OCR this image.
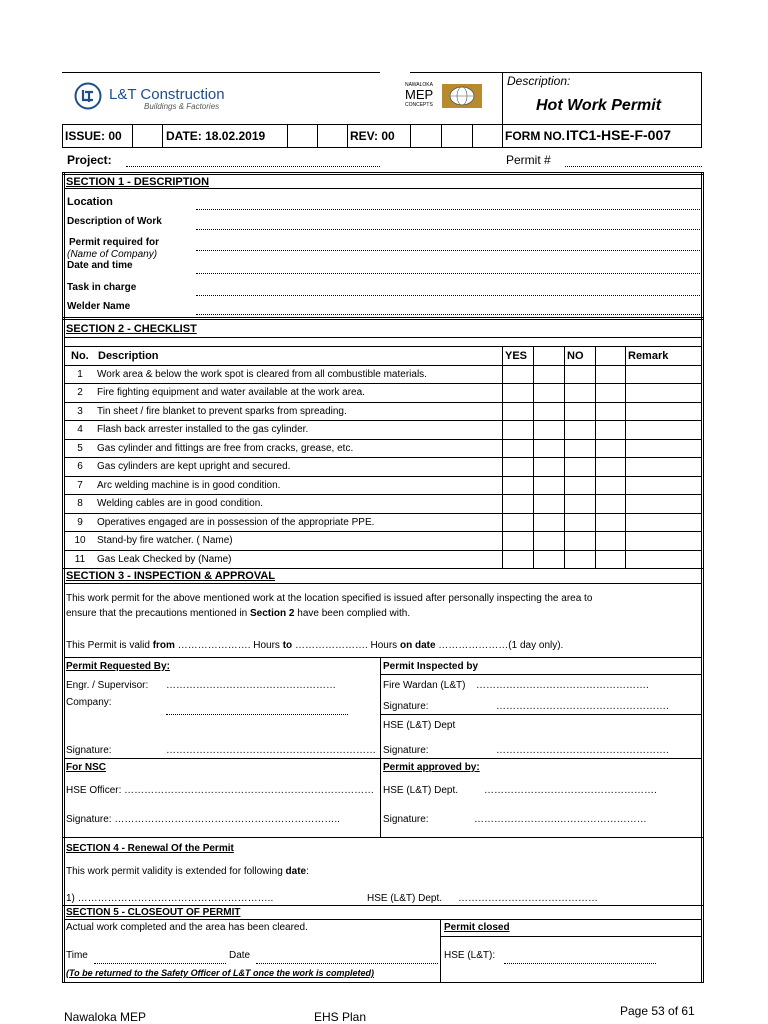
L&T Construction
Buildings & Factories
NAWALOKA
MEP
CONCEPTS
Description:
Hot Work Permit
ISSUE: 00	DATE: 18.02.2019	REV: 00	FORM NO. ITC1-HSE-F-007
Project:	Permit #
SECTION 1 - DESCRIPTION
Location
Description of Work
Permit required for
(Name of Company)
Date and time
Task in charge
Welder Name
SECTION 2 - CHECKLIST
No. Description	YES	NO	Remark
1	Work area & below the work spot is cleared from all combustible materials.
2	Fire fighting equipment and water available at the work area.
3	Tin sheet / fire blanket to prevent sparks from spreading.
4	Flash back arrester installed to the gas cylinder.
5	Gas cylinder and fittings are free from cracks, grease, etc.
6	Gas cylinders are kept upright and secured.
7	Arc welding machine is in good condition.
8	Welding cables are in good condition.
9	Operatives engaged are in possession of the appropriate PPE.
10	Stand-by fire watcher. ( Name)
11	Gas Leak Checked by (Name)
SECTION 3 - INSPECTION & APPROVAL
This work permit for the above mentioned work at the location specified is issued after personally inspecting the area to
ensure that the precautions mentioned in Section 2 have been complied with.
This Permit is valid from …………………. Hours to …………………. Hours on date …………………(1 day only).
Permit Requested By:
Engr. / Supervisor: ……………………………………………
Company:
Signature:	………………………………………………………
Permit Inspected by
Fire Wardan (L&T) …………………………………………….
Signature:	…………………………………………….
HSE (L&T) Dept
Signature:	…………………………………………….
For NSC
HSE Officer: …………………………………………………………………
Signature: …………………………………………………………..
Permit approved by:
HSE (L&T) Dept.	…………………………………………….
Signature:	…………………….………………………
SECTION 4 - Renewal Of the Permit
This work permit validity is extended for following date:
1) …………………………………………………..	HSE (L&T) Dept. ……………………………………
SECTION 5 - CLOSEOUT OF PERMIT
Actual work completed and the area has been cleared.	Permit closed
Time	Date	HSE (L&T):
(To be returned to the Safety Officer of L&T once the work is completed)
Nawaloka MEP	EHS Plan	Page 53 of 61
